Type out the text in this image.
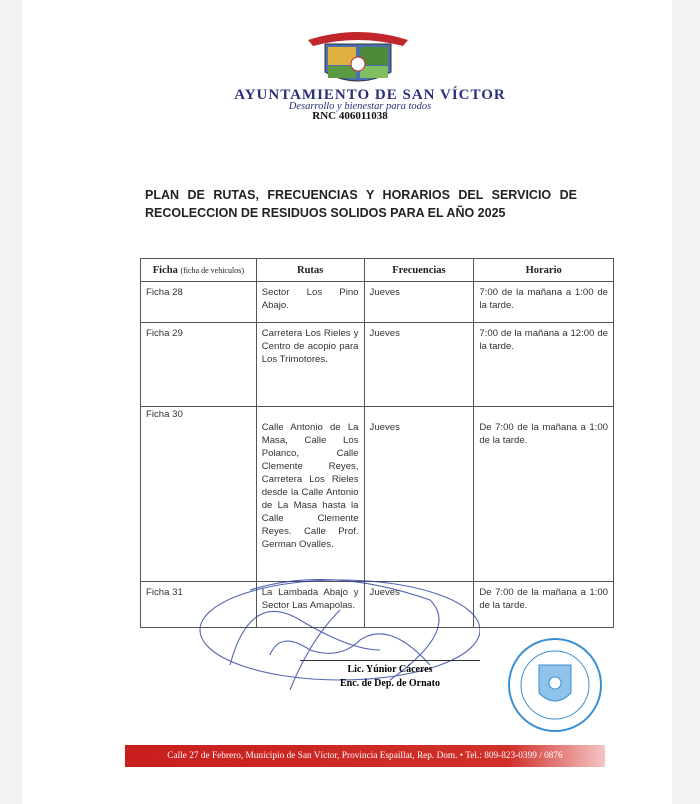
AYUNTAMIENTO DE SAN VÍCTOR
Desarrollo y bienestar para todos
RNC 406011038
PLAN DE RUTAS, FRECUENCIAS Y HORARIOS DEL SERVICIO DE RECOLECCION DE RESIDUOS SOLIDOS PARA EL AÑO 2025
Ficha (ficha de vehiculos)	Rutas	Frecuencias	Horario
Ficha 28	Sector Los Pino Abajo.	Jueves	7:00 de la mañana a 1:00 de la tarde.
Ficha 29	Carretera Los Rieles y Centro de acopio para Los Trimotores.	Jueves	7:00 de la mañana a 12:00 de la tarde.
Ficha 30	Calle Antonio de La Masa, Calle Los Polanco, Calle Clemente Reyes, Carretera Los Rieles desde la Calle Antonio de La Masa hasta la Calle Clemente Reyes. Calle Prof. German Ovalles.	Jueves	De 7:00 de la mañana a 1:00 de la tarde.
Ficha 31	La Lambada Abajo y Sector Las Amapolas.	Jueves	De 7:00 de la mañana a 1:00 de la tarde.
Lic. Yúnior Cáceres
Enc. de Dep. de Ornato
Calle 27 de Febrero, Municipio de San Víctor, Provincia Espaillat, Rep. Dom. • Tel.: 809-823-0399 / 0876
